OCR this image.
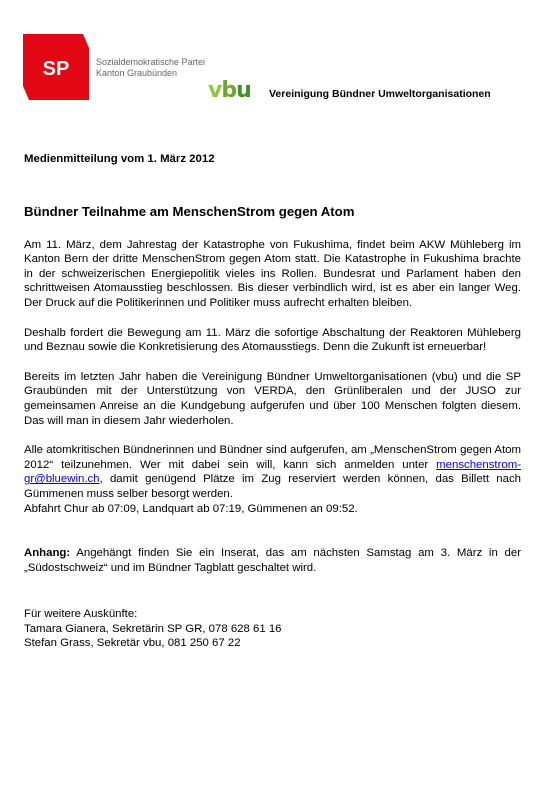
SP	Sozialdemokratische Partei
Kanton Graubünden
vbu Vereinigung Bündner Umweltorganisationen

Medienmitteilung vom 1. März 2012

Bündner Teilnahme am MenschenStrom gegen Atom

Am 11. März, dem Jahrestag der Katastrophe von Fukushima, findet beim AKW Mühleberg im Kanton Bern der dritte MenschenStrom gegen Atom statt. Die Katastrophe in Fukushima brachte in der schweizerischen Energiepolitik vieles ins Rollen. Bundesrat und Parlament haben den schrittweisen Atomausstieg beschlossen. Bis dieser verbindlich wird, ist es aber ein langer Weg. Der Druck auf die Politikerinnen und Politiker muss aufrecht erhalten bleiben.

Deshalb fordert die Bewegung am 11. März die sofortige Abschaltung der Reaktoren Mühleberg und Beznau sowie die Konkretisierung des Atomausstiegs. Denn die Zukunft ist erneuerbar!

Bereits im letzten Jahr haben die Vereinigung Bündner Umweltorganisationen (vbu) und die SP Graubünden mit der Unterstützung von VERDA, den Grünliberalen und der JUSO zur gemeinsamen Anreise an die Kundgebung aufgerufen und über 100 Menschen folgten diesem. Das will man in diesem Jahr wiederholen.

Alle atomkritischen Bündnerinnen und Bündner sind aufgerufen, am „MenschenStrom gegen Atom 2012“ teilzunehmen. Wer mit dabei sein will, kann sich anmelden unter menschenstrom-gr@bluewin.ch, damit genügend Plätze im Zug reserviert werden können, das Billett nach Gümmenen muss selber besorgt werden.

Abfahrt Chur ab 07:09, Landquart ab 07:19, Gümmenen an 09:52.

Anhang: Angehängt finden Sie ein Inserat, das am nächsten Samstag am 3. März in der „Südostschweiz“ und im Bündner Tagblatt geschaltet wird.

Für weitere Auskünfte:
Tamara Gianera, Sekretärin SP GR, 078 628 61 16
Stefan Grass, Sekretär vbu, 081 250 67 22
